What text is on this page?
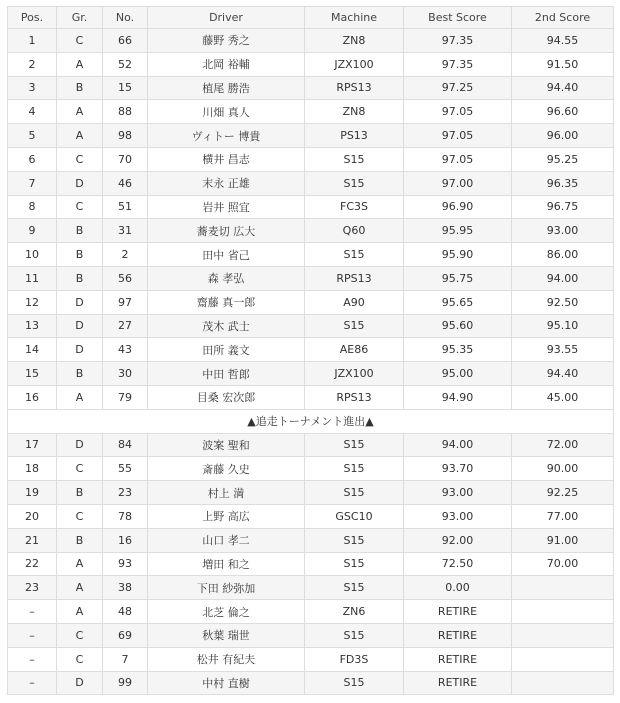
Pos.	Gr.	No.	Driver	Machine	Best Score	2nd Score
1	C	66	藤野 秀之	ZN8	97.35	94.55
2	A	52	北岡 裕輔	JZX100	97.35	91.50
3	B	15	植尾 勝浩	RPS13	97.25	94.40
4	A	88	川畑 真人	ZN8	97.05	96.60
5	A	98	ヴィトー 博貴	PS13	97.05	96.00
6	C	70	横井 昌志	S15	97.05	95.25
7	D	46	末永 正雄	S15	97.00	96.35
8	C	51	岩井 照宜	FC3S	96.90	96.75
9	B	31	蕎麦切 広大	Q60	95.95	93.00
10	B	2	田中 省己	S15	95.90	86.00
11	B	56	森 孝弘	RPS13	95.75	94.00
12	D	97	齋藤 真一郎	A90	95.65	92.50
13	D	27	茂木 武士	S15	95.60	95.10
14	D	43	田所 義文	AE86	95.35	93.55
15	B	30	中田 哲郎	JZX100	95.00	94.40
16	A	79	目桑 宏次郎	RPS13	94.90	45.00
▲追走トーナメント進出▲						
17	D	84	波案 聖和	S15	94.00	72.00
18	C	55	斎藤 久史	S15	93.70	90.00
19	B	23	村上 満	S15	93.00	92.25
20	C	78	上野 高広	GSC10	93.00	77.00
21	B	16	山口 孝二	S15	92.00	91.00
22	A	93	増田 和之	S15	72.50	70.00
23	A	38	下田 紗弥加	S15	0.00	
–	A	48	北芝 倫之	ZN6	RETIRE	
–	C	69	秋葉 瑞世	S15	RETIRE	
–	C	7	松井 有紀夫	FD3S	RETIRE	
–	D	99	中村 直樹	S15	RETIRE	
